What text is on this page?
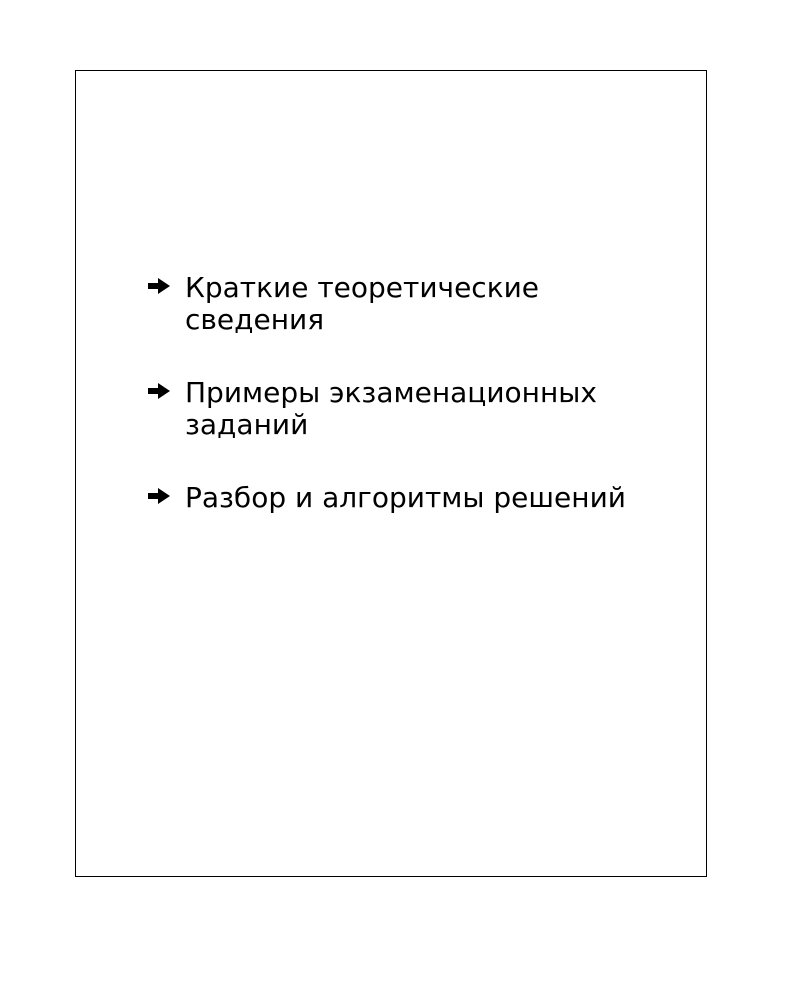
Краткие теоретические сведения
Примеры экзаменационных заданий
Разбор и алгоритмы решений
